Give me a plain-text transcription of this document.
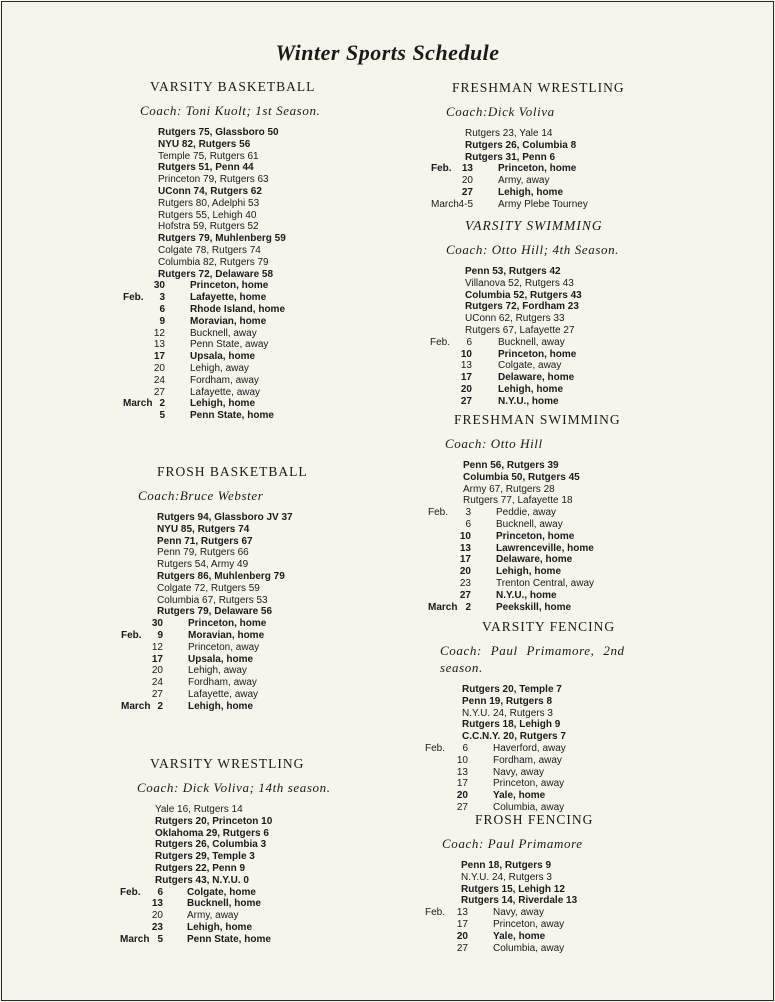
Winter Sports Schedule
VARSITY BASKETBALL
Coach: Toni Kuolt; 1st Season.
Rutgers 75, Glassboro 50
NYU 82, Rutgers 56
Temple 75, Rutgers 61
Rutgers 51, Penn 44
Princeton 79, Rutgers 63
UConn 74, Rutgers 62
Rutgers 80, Adelphi 53
Rutgers 55, Lehigh 40
Hofstra 59, Rutgers 52
Rutgers 79, Muhlenberg 59
Colgate 78, Rutgers 74
Columbia 82, Rutgers 79
Rutgers 72, Delaware 58
30	Princeton, home
Feb.	3	Lafayette, home
6	Rhode Island, home
9	Moravian, home
12	Bucknell, away
13	Penn State, away
17	Upsala, home
20	Lehigh, away
24	Fordham, away
27	Lafayette, away
March 2	Lehigh, home
5	Penn State, home
FROSH BASKETBALL
Coach:Bruce Webster
Rutgers 94, Glassboro JV 37
NYU 85, Rutgers 74
Penn 71, Rutgers 67
Penn 79, Rutgers 66
Rutgers 54, Army 49
Rutgers 86, Muhlenberg 79
Colgate 72, Rutgers 59
Columbia 67, Rutgers 53
Rutgers 79, Delaware 56
30	Princeton, home
Feb.	9	Moravian, home
12	Princeton, away
17	Upsala, home
20	Lehigh, away
24	Fordham, away
27	Lafayette, away
March 2	Lehigh, home
VARSITY WRESTLING
Coach: Dick Voliva; 14th season.
Yale 16, Rutgers 14
Rutgers 20, Princeton 10
Oklahoma 29, Rutgers 6
Rutgers 26, Columbia 3
Rutgers 29, Temple 3
Rutgers 22, Penn 9
Rutgers 43, N.Y.U. 0
Feb.	6 Colgate, home
13 Bucknell, home
20 Army, away
23 Lehigh, home
March 5 Penn State, home
FRESHMAN WRESTLING
Coach:Dick Voliva
Rutgers 23, Yale 14
Rutgers 26, Columbia 8
Rutgers 31, Penn 6
Feb.	13	Princeton, home
20	Army, away
27	Lehigh, home
March 4-5	Army Plebe Tourney
VARSITY SWIMMING
Coach: Otto Hill; 4th Season.
Penn 53, Rutgers 42
Villanova 52, Rutgers 43
Columbia 52, Rutgers 43
Rutgers 72, Fordham 23
UConn 62, Rutgers 33
Rutgers 67, Lafayette 27
Feb.	6	Bucknell, away
10	Princeton, home
13	Colgate, away
17	Delaware, home
20	Lehigh, home
27	N.Y.U., home
FRESHMAN SWIMMING
Coach: Otto Hill
Penn 56, Rutgers 39
Columbia 50, Rutgers 45
Army 67, Rutgers 28
Rutgers 77, Lafayette 18
Feb.	3	Peddie, away
6	Bucknell, away
10	Princeton, home
13	Lawrenceville, home
17	Delaware, home
20	Lehigh, home
23	Trenton Central, away
27	N.Y.U., home
March 2	Peekskill, home
VARSITY FENCING
Coach: Paul Primamore, 2nd season.
Rutgers 20, Temple 7
Penn 19, Rutgers 8
N.Y.U. 24, Rutgers 3
Rutgers 18, Lehigh 9
C.C.N.Y. 20, Rutgers 7
Feb.	6	Haverford, away
10	Fordham, away
13	Navy, away
17	Princeton, away
20	Yale, home
27	Columbia, away
FROSH FENCING
Coach: Paul Primamore
Penn 18, Rutgers 9
N.Y.U. 24, Rutgers 3
Rutgers 15, Lehigh 12
Rutgers 14, Riverdale 13
Feb.	13	Navy, away
17	Princeton, away
20	Yale, home
27	Columbia, away
